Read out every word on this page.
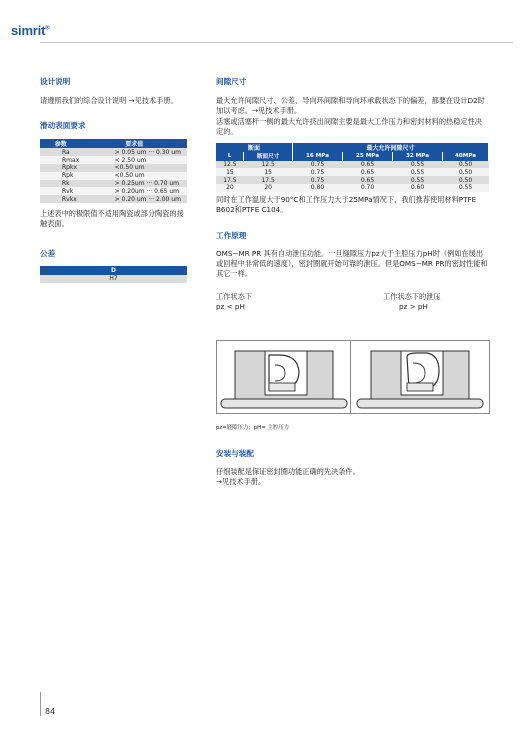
simrit®
设计说明

请遵照我们的综合设计说明 →见技术手册。

滑动表面要求
参数	要求值
Ra	> 0.05 um ··· 0.30 um
Rmax	< 2.50 um
Rpkx	<0.50 um
Rpk	<0.50 um
Rk	> 0.25um ··· 0.70 um
Rvk	> 0.20um ··· 0.65 um
Rvkx	> 0.20 um ··· 2.00 um

上述表中的极限值不适用陶瓷或部分陶瓷的接触表面。

公差
D
H7
间隙尺寸

最大允许间隙尺寸、公差、导向环间隙和导向环承载状态下的偏差，都要在设计D2时加以考虑。→见技术手册。

活塞或活塞杆一侧的最大允许挤出间隙主要是最大工作压力和密封材料的热稳定性决定的。

断面		最大允许间隙尺寸			
L	断面尺寸	16 MPa	25 MPa	32 MPa	40MPa
12.5	12.5	0.75	0.65	0.55	0.50
15	15	0.75	0.65	0.55	0.50
17.5	17.5	0.75	0.65	0.55	0.50
20	20	0.80	0.70	0.60	0.55

同时在工作温度大于90°C和工作压力大于25MPa情况下，我们推荐使用材料PTFE B602和PTFE C104。

工作原理

OMS−MR PR 具有自动泄压功能。一旦缝隙压力pz大于主腔压力pH时（例如在缓出或回程中非常低的速度），密封圈就开始可靠的泄压。但是OMS−MR PR的密封性能和其它一样。

工作状态下
pz < pH
工作状态下的泄压
pz > pH
pz=缝隙压力；pH= 主腔压力
安装与装配

仔细装配是保证密封圈功能正确的先决条件。
→见技术手册。

84
